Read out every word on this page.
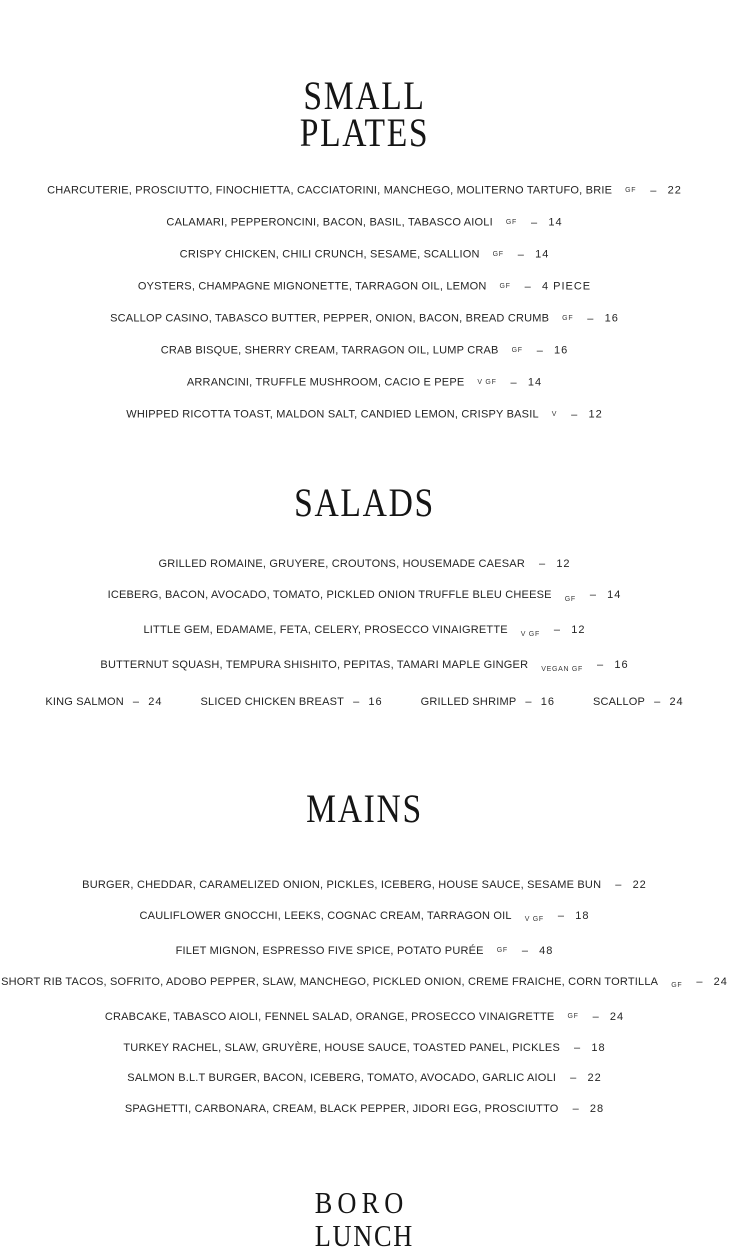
SMALL
PLATES
CHARCUTERIE, PROSCIUTTO, FINOCHIETTA, CACCIATORINI, MANCHEGO, MOLITERNO TARTUFO, BRIE GF – 22
CALAMARI, PEPPERONCINI, BACON, BASIL, TABASCO AIOLI GF – 14
CRISPY CHICKEN, CHILI CRUNCH, SESAME, SCALLION GF – 14
OYSTERS, CHAMPAGNE MIGNONETTE, TARRAGON OIL, LEMON GF – 4 PIECE
SCALLOP CASINO, TABASCO BUTTER, PEPPER, ONION, BACON, BREAD CRUMB GF – 16
CRAB BISQUE, SHERRY CREAM, TARRAGON OIL, LUMP CRAB GF – 16
ARRANCINI, TRUFFLE MUSHROOM, CACIO E PEPE V GF – 14
WHIPPED RICOTTA TOAST, MALDON SALT, CANDIED LEMON, CRISPY BASIL V – 12
SALADS
GRILLED ROMAINE, GRUYERE, CROUTONS, HOUSEMADE CAESAR – 12
ICEBERG, BACON, AVOCADO, TOMATO, PICKLED ONION TRUFFLE BLEU CHEESE $_{GF}$ – 14
LITTLE GEM, EDAMAME, FETA, CELERY, PROSECCO VINAIGRETTE $_{V GF}$ – 12
BUTTERNUT SQUASH, TEMPURA SHISHITO, PEPITAS, TAMARI MAPLE GINGER $_{VEGAN GF}$ – 16
KING SALMON – 24	SLICED CHICKEN BREAST – 16	GRILLED SHRIMP – 16	SCALLOP – 24
MAINS
BURGER, CHEDDAR, CARAMELIZED ONION, PICKLES, ICEBERG, HOUSE SAUCE, SESAME BUN – 22
CAULIFLOWER GNOCCHI, LEEKS, COGNAC CREAM, TARRAGON OIL $_{V GF}$ – 18
FILET MIGNON, ESPRESSO FIVE SPICE, POTATO PURÉE GF – 48
SHORT RIB TACOS, SOFRITO, ADOBO PEPPER, SLAW, MANCHEGO, PICKLED ONION, CREME FRAICHE, CORN TORTILLA $_{GF}$ – 24
CRABCAKE, TABASCO AIOLI, FENNEL SALAD, ORANGE, PROSECCO VINAIGRETTE GF – 24
TURKEY RACHEL, SLAW, GRUYÈRE, HOUSE SAUCE, TOASTED PANEL, PICKLES – 18
SALMON B.L.T BURGER, BACON, ICEBERG, TOMATO, AVOCADO, GARLIC AIOLI – 22
SPAGHETTI, CARBONARA, CREAM, BLACK PEPPER, JIDORI EGG, PROSCIUTTO – 28
BORO
LUNCH
